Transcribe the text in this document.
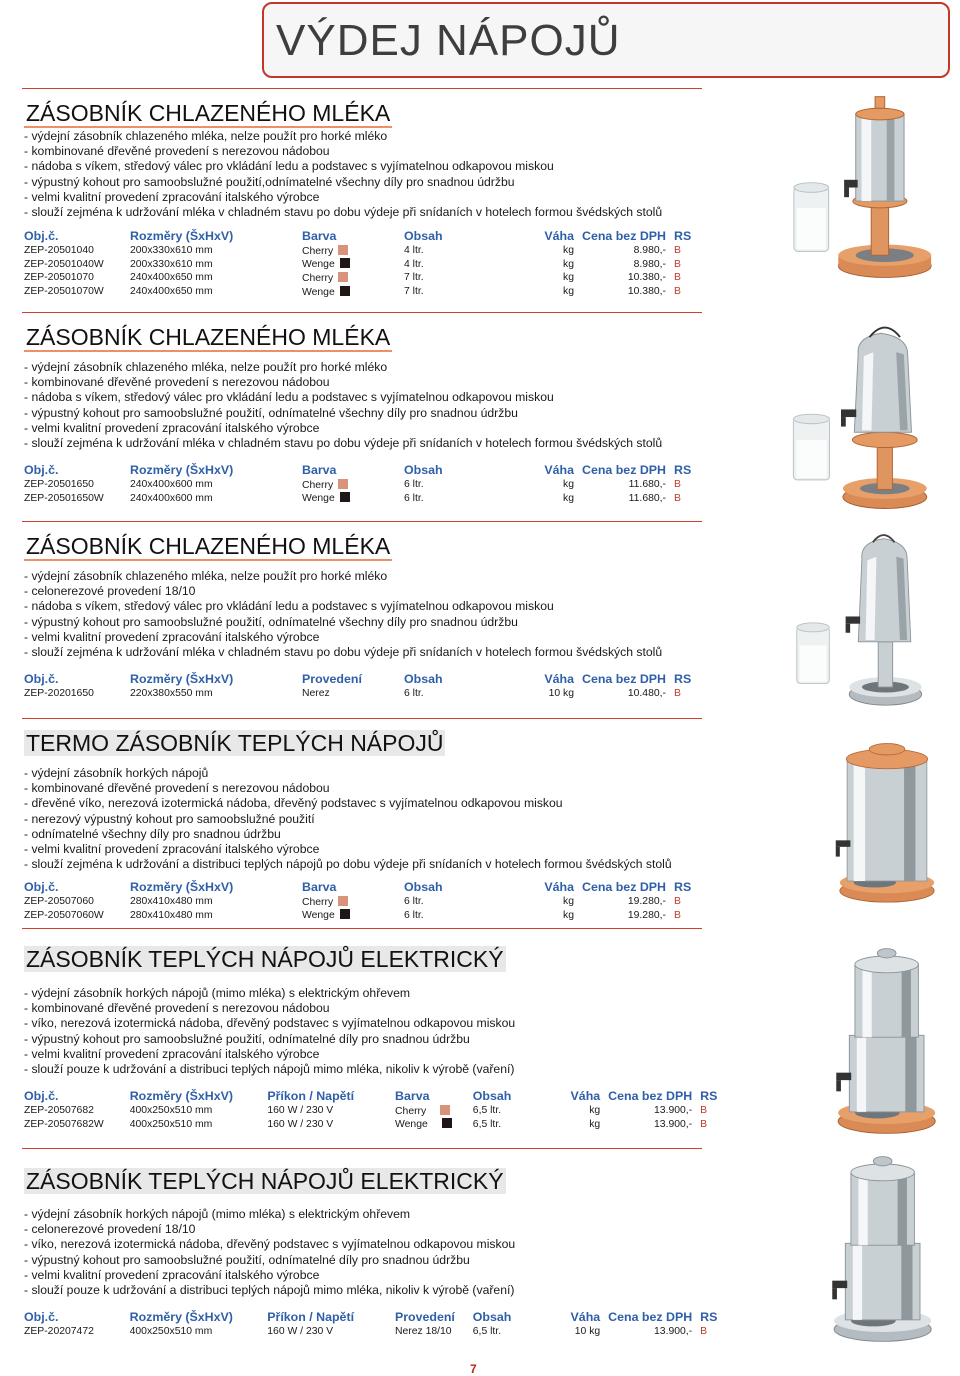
VÝDEJ NÁPOJŮ
ZÁSOBNÍK CHLAZENÉHO MLÉKA
- výdejní zásobník chlazeného mléka, nelze použít pro horké mléko
- kombinované dřevěné provedení s nerezovou nádobou
- nádoba s víkem, středový válec pro vkládání ledu a podstavec s vyjímatelnou odkapovou miskou
- výpustný kohout pro samoobslužné použití,odnímatelné všechny díly pro snadnou údržbu
- velmi kvalitní provedení zpracování italského výrobce
- slouží zejména k udržování mléka v chladném stavu po dobu výdeje při snídaních v hotelech formou švédských stolů
Obj.č.	Rozměry (ŠxHxV)	Barva	Obsah	Váha	Cena bez DPH	RS
ZEP-20501040	200x330x610 mm	Cherry	4 ltr.	kg	8.980,-	B
ZEP-20501040W	200x330x610 mm	Wenge	4 ltr.	kg	8.980,-	B
ZEP-20501070	240x400x650 mm	Cherry	7 ltr.	kg	10.380,-	B
ZEP-20501070W	240x400x650 mm	Wenge	7 ltr.	kg	10.380,-	B
ZÁSOBNÍK CHLAZENÉHO MLÉKA
- výdejní zásobník chlazeného mléka, nelze použít pro horké mléko
- kombinované dřevěné provedení s nerezovou nádobou
- nádoba s víkem, středový válec pro vkládání ledu a podstavec s vyjímatelnou odkapovou miskou
- výpustný kohout pro samoobslužné použití, odnímatelné všechny díly pro snadnou údržbu
- velmi kvalitní provedení zpracování italského výrobce
- slouží zejména k udržování mléka v chladném stavu po dobu výdeje při snídaních v hotelech formou švédských stolů
Obj.č.	Rozměry (ŠxHxV)	Barva	Obsah	Váha	Cena bez DPH	RS
ZEP-20501650	240x400x600 mm	Cherry	6 ltr.	kg	11.680,-	B
ZEP-20501650W	240x400x600 mm	Wenge	6 ltr.	kg	11.680,-	B
ZÁSOBNÍK CHLAZENÉHO MLÉKA
- výdejní zásobník chlazeného mléka, nelze použít pro horké mléko
- celonerezové provedení 18/10
- nádoba s víkem, středový válec pro vkládání ledu a podstavec s vyjímatelnou odkapovou miskou
- výpustný kohout pro samoobslužné použití, odnímatelné všechny díly pro snadnou údržbu
- velmi kvalitní provedení zpracování italského výrobce
- slouží zejména k udržování mléka v chladném stavu po dobu výdeje při snídaních v hotelech formou švédských stolů
Obj.č.	Rozměry (ŠxHxV)	Provedení	Obsah	Váha	Cena bez DPH	RS
ZEP-20201650	220x380x550 mm	Nerez	6 ltr.	10 kg	10.480,-	B
TERMO ZÁSOBNÍK TEPLÝCH NÁPOJŮ
- výdejní zásobník horkých nápojů
- kombinované dřevěné provedení s nerezovou nádobou
- dřevěné víko, nerezová izotermická nádoba, dřevěný podstavec s vyjímatelnou odkapovou miskou
- nerezový výpustný kohout pro samoobslužné použití
- odnímatelné všechny díly pro snadnou údržbu
- velmi kvalitní provedení zpracování italského výrobce
- slouží zejména k udržování a distribuci teplých nápojů po dobu výdeje při snídaních v hotelech formou švédských stolů
Obj.č.	Rozměry (ŠxHxV)	Barva	Obsah	Váha	Cena bez DPH	RS
ZEP-20507060	280x410x480 mm	Cherry	6 ltr.	kg	19.280,-	B
ZEP-20507060W	280x410x480 mm	Wenge	6 ltr.	kg	19.280,-	B
ZÁSOBNÍK TEPLÝCH NÁPOJŮ ELEKTRICKÝ
- výdejní zásobník horkých nápojů (mimo mléka) s elektrickým ohřevem
- kombinované dřevěné provedení s nerezovou nádobou
- víko, nerezová izotermická nádoba, dřevěný podstavec s vyjímatelnou odkapovou miskou
- výpustný kohout pro samoobslužné použití, odnímatelné díly pro snadnou údržbu
- velmi kvalitní provedení zpracování italského výrobce
- slouží pouze k udržování a distribuci teplých nápojů mimo mléka, nikoliv k výrobě (vaření)
Obj.č.	Rozměry (ŠxHxV)	Příkon / Napětí	Barva	Obsah	Váha	Cena bez DPH	RS
ZEP-20507682	400x250x510 mm	160 W / 230 V	Cherry	6,5 ltr.	kg	13.900,-	B
ZEP-20507682W	400x250x510 mm	160 W / 230 V	Wenge	6,5 ltr.	kg	13.900,-	B
ZÁSOBNÍK TEPLÝCH NÁPOJŮ ELEKTRICKÝ
- výdejní zásobník horkých nápojů (mimo mléka) s elektrickým ohřevem
- celonerezové provedení 18/10
- víko, nerezová izotermická nádoba, dřevěný podstavec s vyjímatelnou odkapovou miskou
- výpustný kohout pro samoobslužné použití, odnímatelné díly pro snadnou údržbu
- velmi kvalitní provedení zpracování italského výrobce
- slouží pouze k udržování a distribuci teplých nápojů mimo mléka, nikoliv k výrobě (vaření)
Obj.č.	Rozměry (ŠxHxV)	Příkon / Napětí	Provedení	Obsah	Váha	Cena bez DPH	RS
ZEP-20207472	400x250x510 mm	160 W / 230 V	Nerez 18/10	6,5 ltr.	10 kg	13.900,-	B
7
